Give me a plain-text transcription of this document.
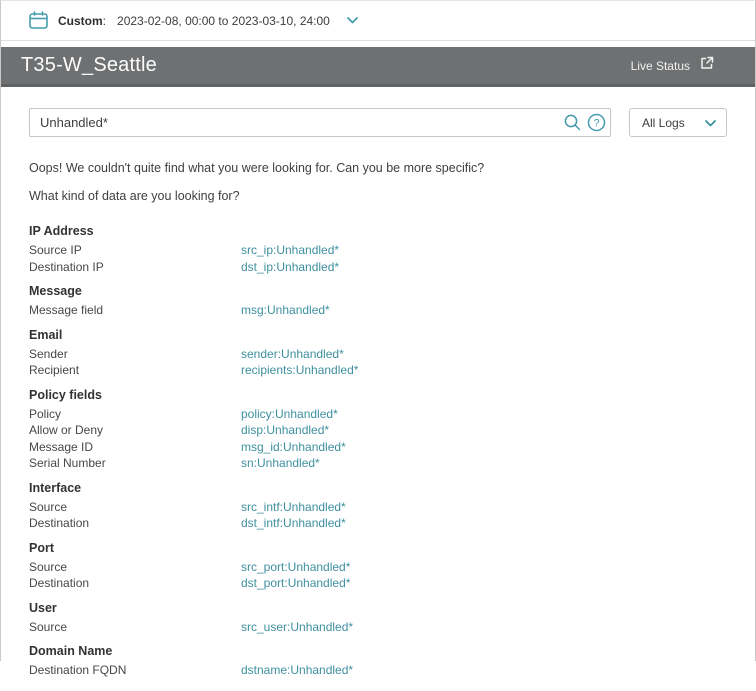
Custom: 2023-02-08, 00:00 to 2023-03-10, 24:00
T35-W_Seattle	Live Status
Unhandled*
?	All Logs

Oops! We couldn't quite find what you were looking for. Can you be more specific?

What kind of data are you looking for?

IP Address
Source IP	src_ip:Unhandled*
Destination IP	dst_ip:Unhandled*
Message
Message field	msg:Unhandled*
Email
Sender	sender:Unhandled*
Recipient	recipients:Unhandled*
Policy fields
Policy	policy:Unhandled*
Allow or Deny	disp:Unhandled*
Message ID	msg_id:Unhandled*
Serial Number	sn:Unhandled*
Interface
Source	src_intf:Unhandled*
Destination	dst_intf:Unhandled*
Port
Source	src_port:Unhandled*
Destination	dst_port:Unhandled*
User
Source	src_user:Unhandled*
Domain Name
Destination FQDN	dstname:Unhandled*
